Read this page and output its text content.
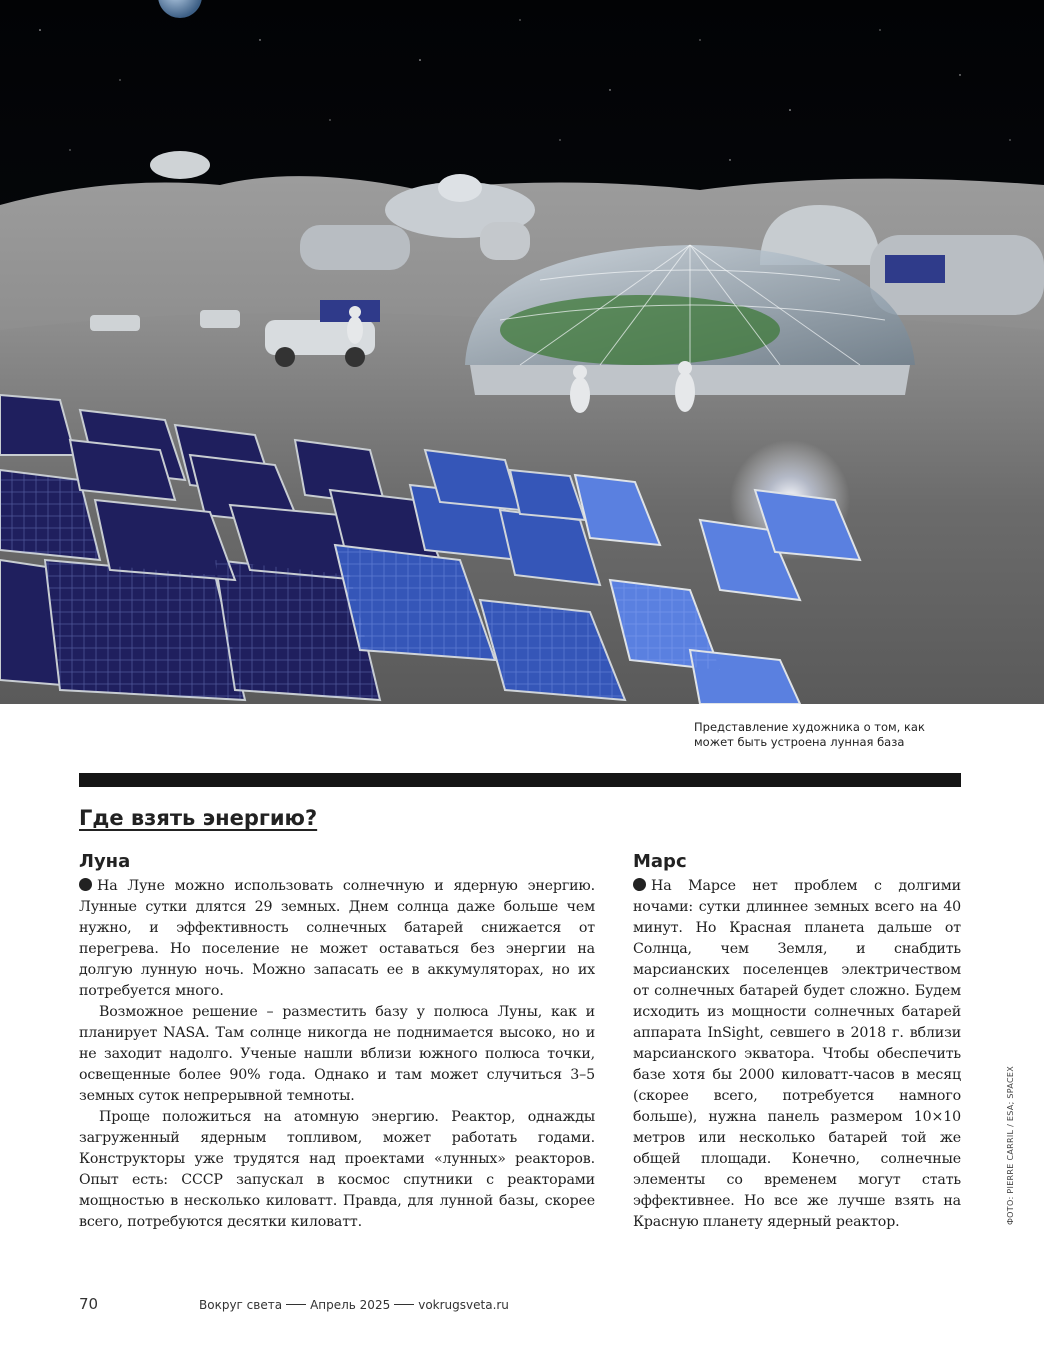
Представление художника о том, как может быть устроена лунная база
Где взять энергию?
Луна

На Луне можно использовать солнечную и ядерную энергию. Лунные сутки длятся 29 земных. Днем солнца даже больше чем нужно, и эффективность солнечных батарей снижается от перегрева. Но поселение не может оставаться без энергии на долгую лунную ночь. Можно запасать ее в аккумуляторах, но их потребуется много.

Возможное решение – разместить базу у полюса Луны, как и планирует NASA. Там солнце никогда не поднимается высоко, но и не заходит надолго. Ученые нашли вблизи южного полюса точки, освещенные более 90% года. Однако и там может случиться 3–5 земных суток непрерывной темноты.

Проще положиться на атомную энергию. Реактор, однажды загруженный ядерным топливом, может работать годами. Конструкторы уже трудятся над проектами «лунных» реакторов. Опыт есть: СССР запускал в космос спутники с реакторами мощностью в несколько киловатт. Правда, для лунной базы, скорее всего, потребуются десятки киловатт.

Марс

На Марсе нет проблем с долгими ночами: сутки длиннее земных всего на 40 минут. Но Красная планета дальше от Солнца, чем Земля, и снабдить марсианских поселенцев электричеством от солнечных батарей будет сложно. Будем исходить из мощности солнечных батарей аппарата InSight, севшего в 2018 г. вблизи марсианского экватора. Чтобы обеспечить базе хотя бы 2000 киловатт-часов в месяц (скорее всего, потребуется намного больше), нужна панель размером 10×10 метров или несколько батарей той же общей площади. Конечно, солнечные элементы со временем могут стать эффективнее. Но все же лучше взять на Красную планету ядерный реактор.	ФОТО: PIERRE CARRIL / ESA; SPACEX
70	Вокруг света Апрель 2025 vokrugsveta.ru
